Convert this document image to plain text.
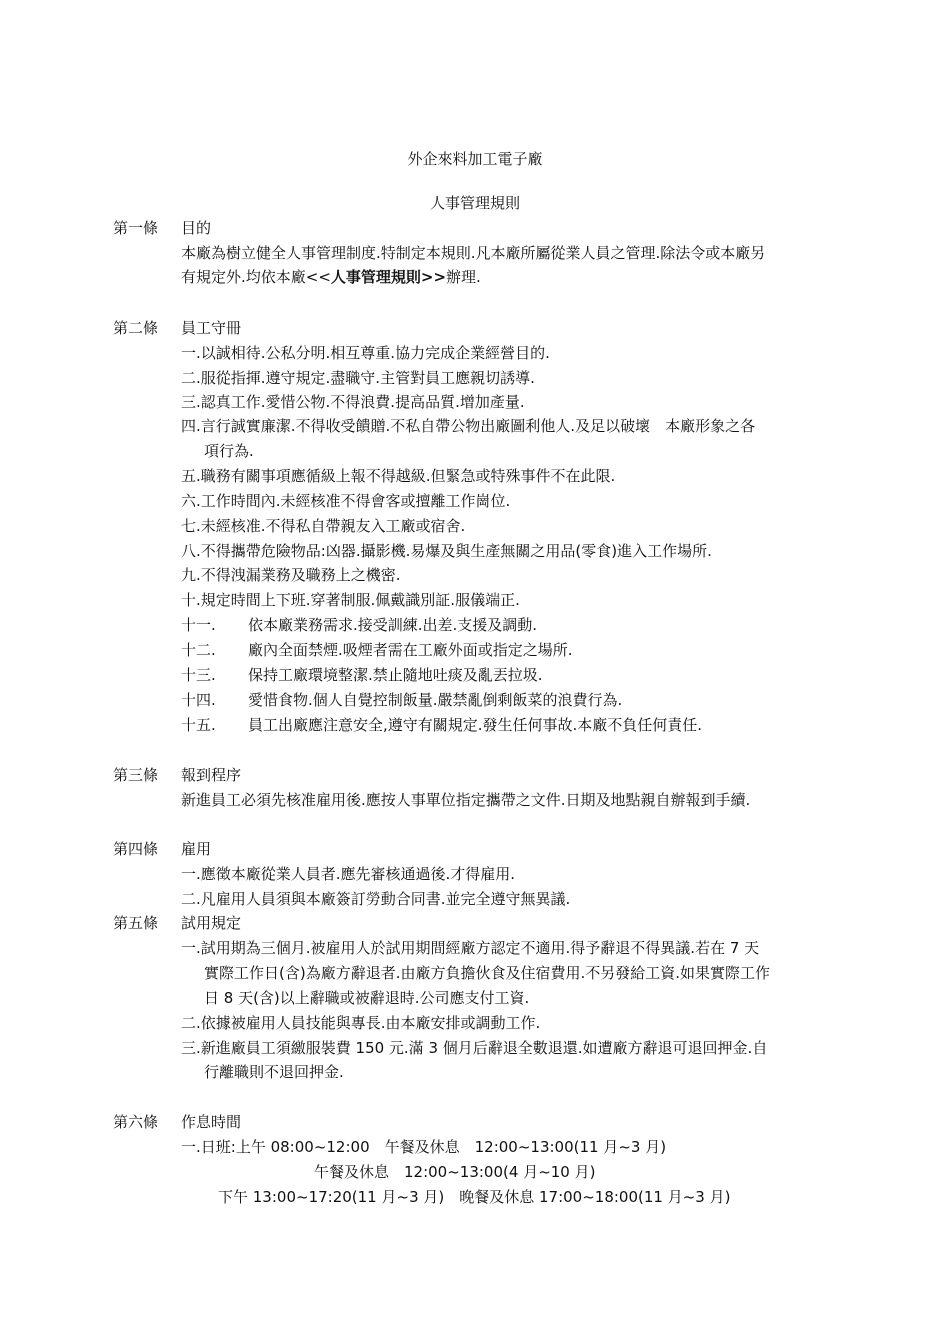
外企來料加工電子廠
人事管理規則
第一條 目的
本廠為樹立健全人事管理制度.特制定本規則.凡本廠所屬從業人員之管理.除法令或本廠另
有規定外.均依本廠<<人事管理規則>>辦理.
第二條 員工守冊
一.以誠相待.公私分明.相互尊重.協力完成企業經營目的.
二.服從指揮.遵守規定.盡職守.主管對員工應親切誘導.
三.認真工作.愛惜公物.不得浪費.提高品質.增加產量.
四.言行誠實廉潔.不得收受饋贈.不私自帶公物出廠圖利他人.及足以破壞　本廠形象之各
項行為.
五.職務有關事項應循級上報不得越級.但緊急或特殊事件不在此限.
六.工作時間內.未經核准不得會客或擅離工作崗位.
七.未經核准.不得私自帶親友入工廠或宿舍.
八.不得攜帶危險物品:凶器.攝影機.易爆及與生產無關之用品(零食)進入工作場所.
九.不得洩漏業務及職務上之機密.
十.規定時間上下班.穿著制服.佩戴識別証.服儀端正.
十一. 依本廠業務需求.接受訓練.出差.支援及調動.
十二. 廠內全面禁煙.吸煙者需在工廠外面或指定之場所.
十三. 保持工廠環境整潔.禁止隨地吐痰及亂丟拉圾.
十四. 愛惜食物.個人自覺控制飯量.嚴禁亂倒剩飯菜的浪費行為.
十五. 員工出廠應注意安全,遵守有關規定.發生任何事故.本廠不負任何責任.
第三條 報到程序
新進員工必須先核准雇用後.應按人事單位指定攜帶之文件.日期及地點親自辦報到手續.
第四條 雇用
一.應徵本廠從業人員者.應先審核通過後.才得雇用.
二.凡雇用人員須與本廠簽訂勞動合同書.並完全遵守無異議.
第五條 試用規定
一.試用期為三個月.被雇用人於試用期間經廠方認定不適用.得予辭退不得異議.若在 7 天
實際工作日(含)為廠方辭退者.由廠方負擔伙食及住宿費用.不另發給工資.如果實際工作
日 8 天(含)以上辭職或被辭退時.公司應支付工資.
二.依據被雇用人員技能與專長.由本廠安排或調動工作.
三.新進廠員工須繳服裝費 150 元.滿 3 個月后辭退全數退還.如遭廠方辭退可退回押金.自
行離職則不退回押金.
第六條 作息時間
一.日班:上午 08:00~12:00　午餐及休息　12:00~13:00(11 月~3 月)
午餐及休息　12:00~13:00(4 月~10 月)
下午 13:00~17:20(11 月~3 月)　晚餐及休息 17:00~18:00(11 月~3 月)
